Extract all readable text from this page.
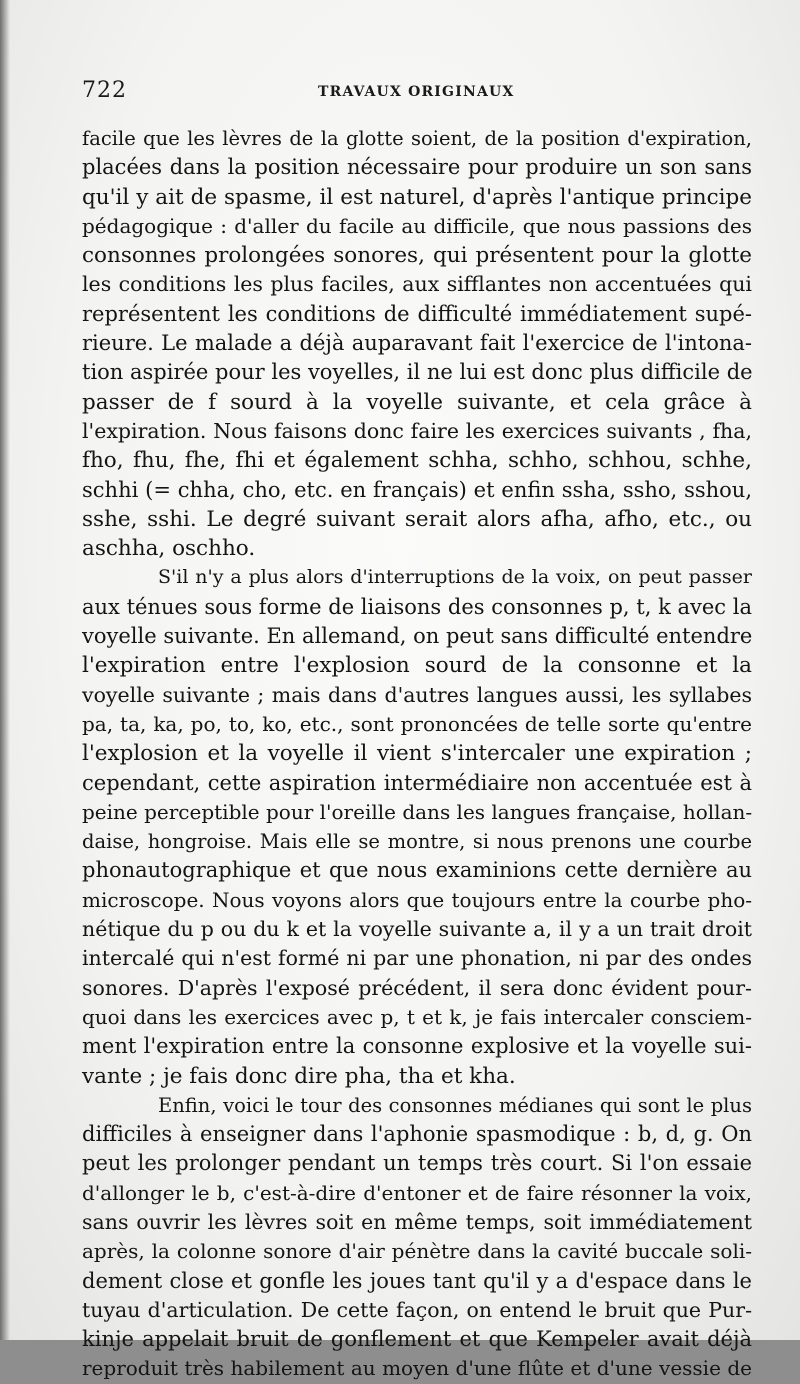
722	TRAVAUX ORIGINAUX

facile que les lèvres de la glotte soient, de la position d'expiration,
placées dans la position nécessaire pour produire un son sans
qu'il y ait de spasme, il est naturel, d'après l'antique principe
pédagogique : d'aller du facile au difficile, que nous passions des
consonnes prolongées sonores, qui présentent pour la glotte
les conditions les plus faciles, aux sifflantes non accentuées qui
représentent les conditions de difficulté immédiatement supé-
rieure. Le malade a déjà auparavant fait l'exercice de l'intona-
tion aspirée pour les voyelles, il ne lui est donc plus difficile de
passer de f sourd à la voyelle suivante, et cela grâce à
l'expiration. Nous faisons donc faire les exercices suivants , fha,
fho, fhu, fhe, fhi et également schha, schho, schhou, schhe,
schhi (= chha, cho, etc. en français) et enfin ssha, ssho, sshou,
sshe, sshi. Le degré suivant serait alors afha, afho, etc., ou
aschha, oschho.

S'il n'y a plus alors d'interruptions de la voix, on peut passer
aux ténues sous forme de liaisons des consonnes p, t, k avec la
voyelle suivante. En allemand, on peut sans difficulté entendre
l'expiration entre l'explosion sourd de la consonne et la
voyelle suivante ; mais dans d'autres langues aussi, les syllabes
pa, ta, ka, po, to, ko, etc., sont prononcées de telle sorte qu'entre
l'explosion et la voyelle il vient s'intercaler une expiration ;
cependant, cette aspiration intermédiaire non accentuée est à
peine perceptible pour l'oreille dans les langues française, hollan-
daise, hongroise. Mais elle se montre, si nous prenons une courbe
phonautographique et que nous examinions cette dernière au
microscope. Nous voyons alors que toujours entre la courbe pho-
nétique du p ou du k et la voyelle suivante a, il y a un trait droit
intercalé qui n'est formé ni par une phonation, ni par des ondes
sonores. D'après l'exposé précédent, il sera donc évident pour-
quoi dans les exercices avec p, t et k, je fais intercaler consciem-
ment l'expiration entre la consonne explosive et la voyelle sui-
vante ; je fais donc dire pha, tha et kha.

Enfin, voici le tour des consonnes médianes qui sont le plus
difficiles à enseigner dans l'aphonie spasmodique : b, d, g. On
peut les prolonger pendant un temps très court. Si l'on essaie
d'allonger le b, c'est-à-dire d'entoner et de faire résonner la voix,
sans ouvrir les lèvres soit en même temps, soit immédiatement
après, la colonne sonore d'air pénètre dans la cavité buccale soli-
dement close et gonfle les joues tant qu'il y a d'espace dans le
tuyau d'articulation. De cette façon, on entend le bruit que Pur-
kinje appelait bruit de gonflement et que Kempeler avait déjà
reproduit très habilement au moyen d'une flûte et d'une vessie de
